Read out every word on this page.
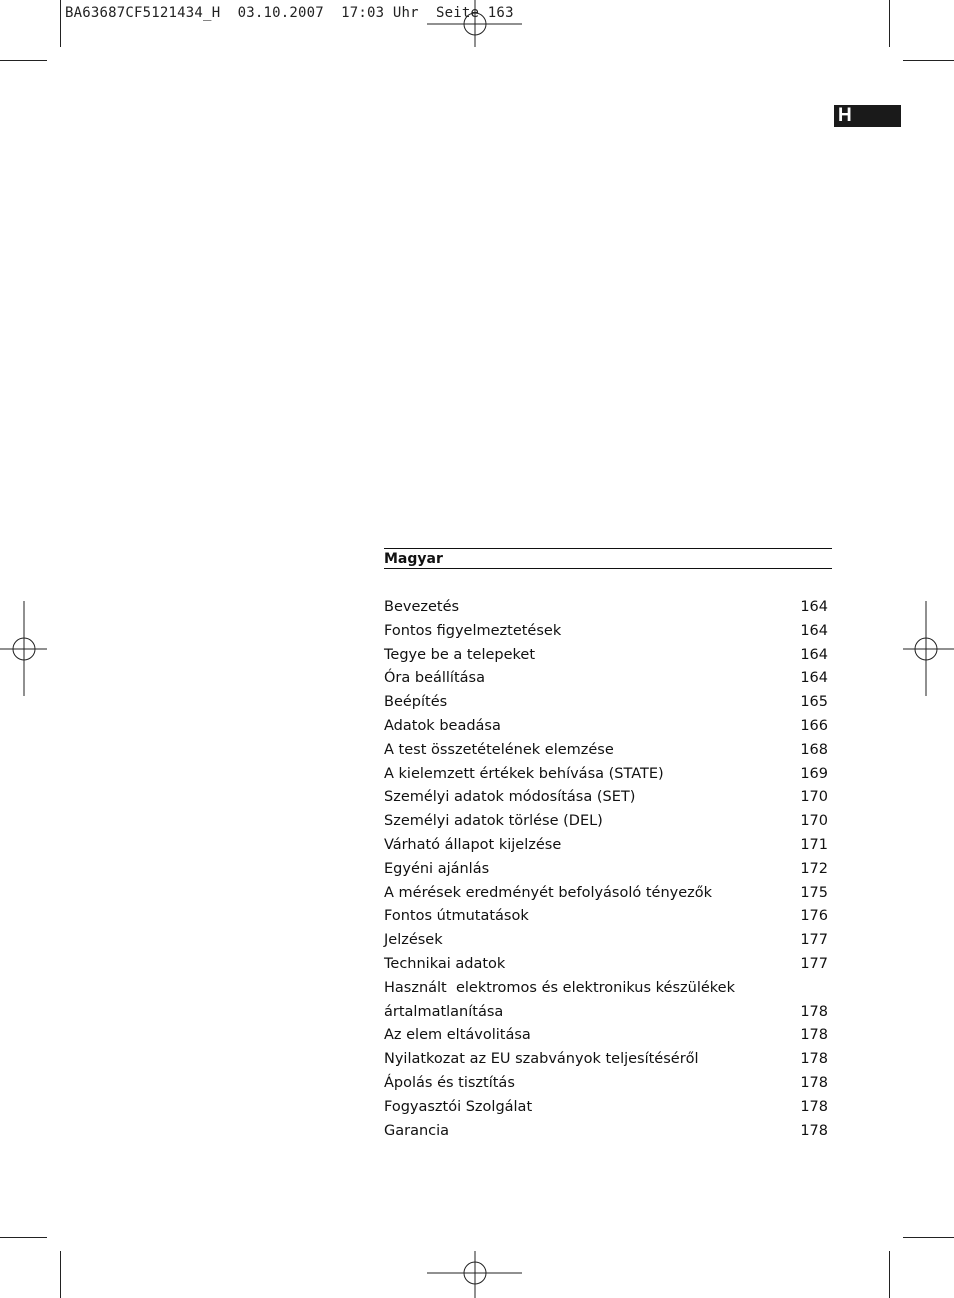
BA63687CF5121434_H  03.10.2007  17:03 Uhr  Seite 163
H
Magyar
Bevezetés	164
Fontos figyelmeztetések	164
Tegye be a telepeket	164
Óra beállítása	164
Beépítés	165
Adatok beadása	166
A test összetételének elemzése	168
A kielemzett értékek behívása (STATE)	169
Személyi adatok módosítása (SET)	170
Személyi adatok törlése (DEL)	170
Várható állapot kijelzése	171
Egyéni ajánlás	172
A mérések eredményét befolyásoló tényezők	175
Fontos útmutatások	176
Jelzések	177
Technikai adatok	177
Használt  elektromos és elektronikus készülékek
ártalmatlanítása	178
Az elem eltávolitása	178
Nyilatkozat az EU szabványok teljesítéséről	178
Ápolás és tisztítás	178
Fogyasztói Szolgálat	178
Garancia	178
